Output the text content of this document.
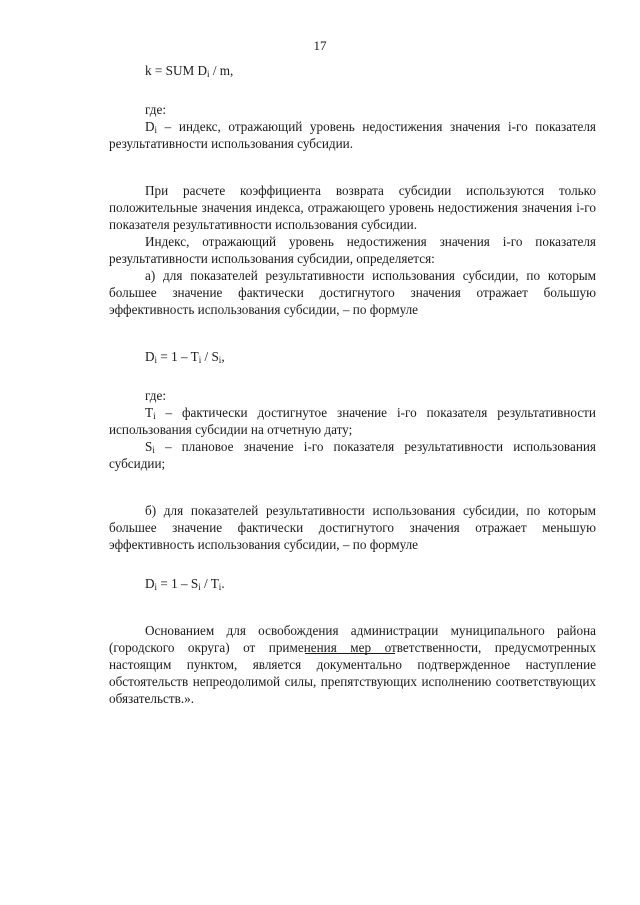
17

k = SUM $D_i$ / m,

где:

$D_i$ – индекс, отражающий уровень недостижения значения i-го показателя результативности использования субсидии.

При расчете коэффициента возврата субсидии используются только положительные значения индекса, отражающего уровень недостижения значения i-го показателя результативности использования субсидии.

Индекс, отражающий уровень недостижения значения i-го показателя результативности использования субсидии, определяется:

а) для показателей результативности использования субсидии, по которым большее значение фактически достигнутого значения отражает большую эффективность использования субсидии, – по формуле

$D_i = 1 - T_i / S_i$,

где:

$T_i$ – фактически достигнутое значение i-го показателя результативности использования субсидии на отчетную дату;

$S_i$ – плановое значение i-го показателя результативности использования субсидии;

б) для показателей результативности использования субсидии, по которым большее значение фактически достигнутого значения отражает меньшую эффективность использования субсидии, – по формуле

$D_i = 1 - S_i / T_i$.

Основанием для освобождения администрации муниципального района (городского округа) от применения мер ответственности, предусмотренных настоящим пунктом, является документально подтвержденное наступление обстоятельств непреодолимой силы, препятствующих исполнению соответствующих обязательств.».
